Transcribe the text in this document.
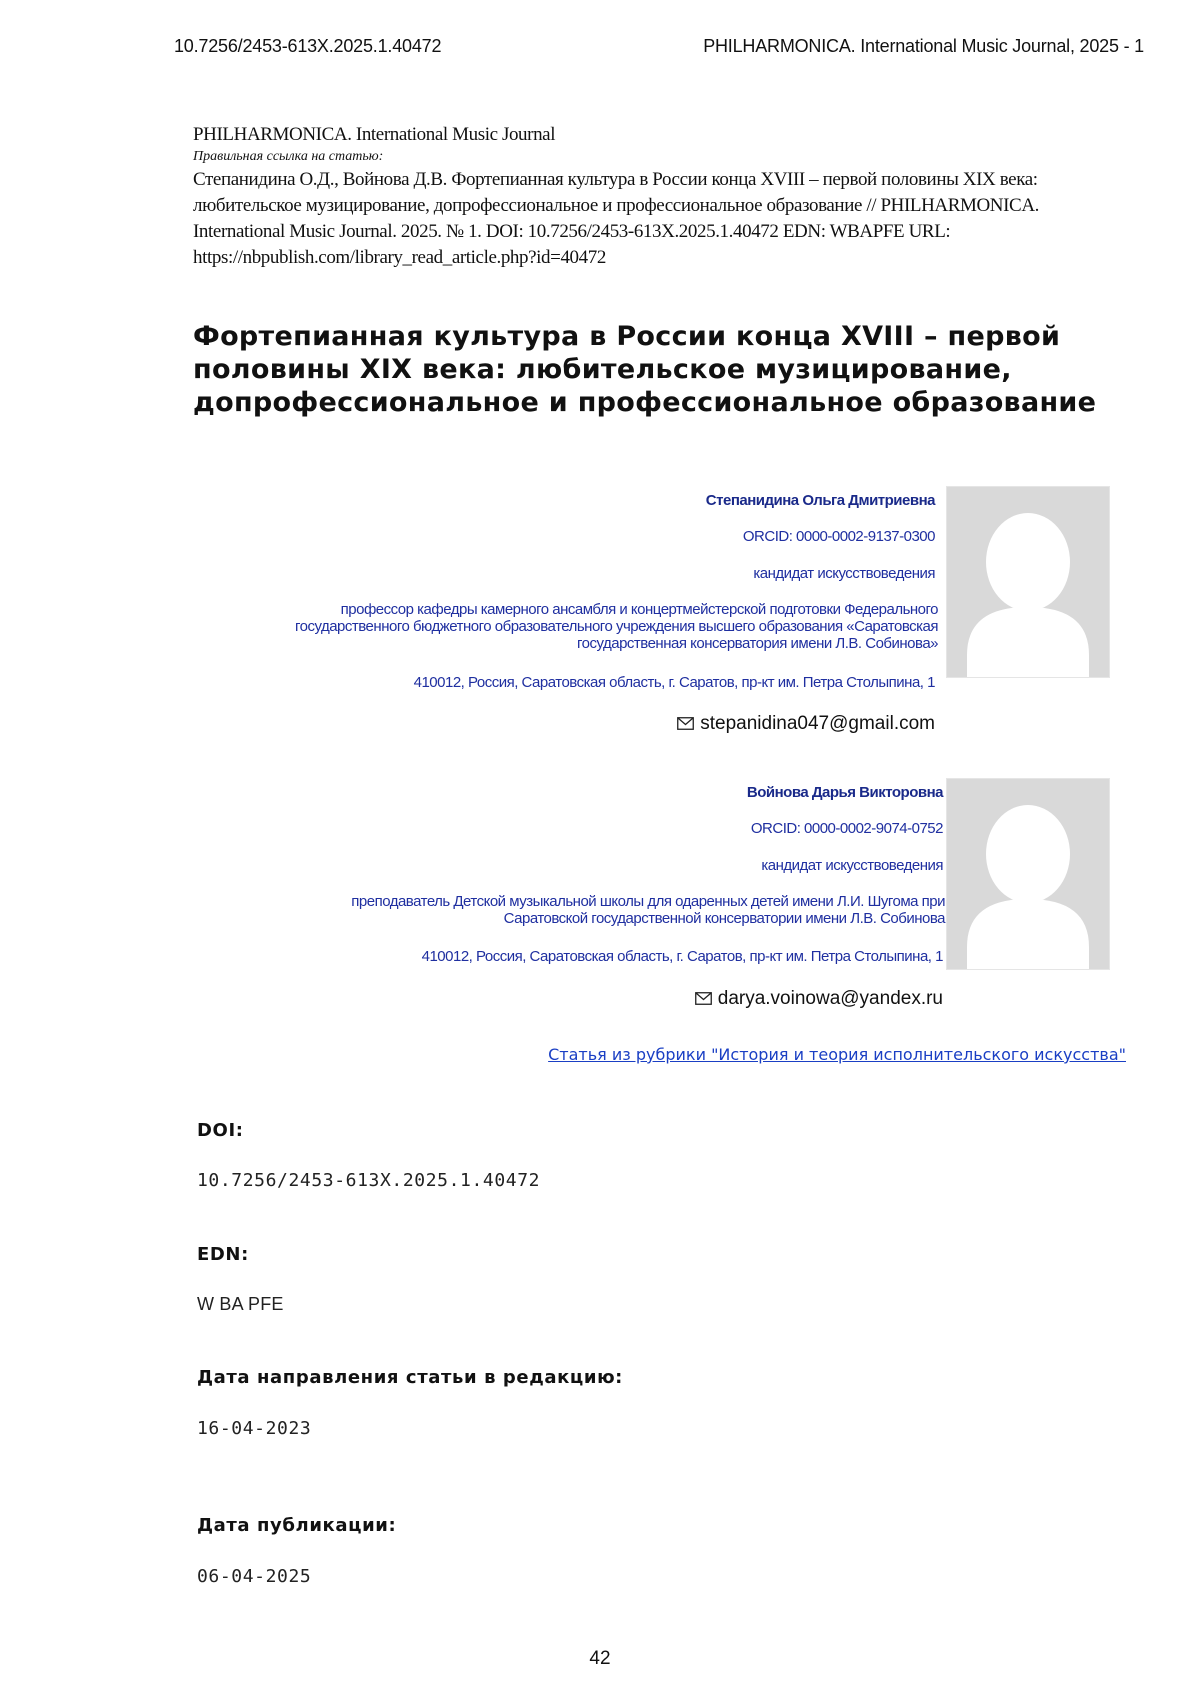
10.7256/2453-613X.2025.1.40472	PHILHARMONICA. International Music Journal, 2025 - 1
PHILHARMONICA. International Music Journal
Правильная ссылка на статью:
Степанидина О.Д., Войнова Д.В. Фортепианная культура в России конца XVIII – первой половины XIX века:
любительское музицирование, допрофессиональное и профессиональное образование // PHILHARMONICA.
International Music Journal. 2025. № 1. DOI: 10.7256/2453-613X.2025.1.40472 EDN: WBAPFE URL:
https://nbpublish.com/library_read_article.php?id=40472
Фортепианная культура в России конца XVIII – первой
половины XIX века: любительское музицирование,
допрофессиональное и профессиональное образование
Степанидина Ольга Дмитриевна
ORCID: 0000-0002-9137-0300
кандидат искусствоведения
профессор кафедры камерного ансамбля и концертмейстерской подготовки Федерального
государственного бюджетного образовательного учреждения высшего образования «Саратовская
государственная консерватория имени Л.В. Собинова»
410012, Россия, Саратовская область, г. Саратов, пр-кт им. Петра Столыпина, 1
stepanidina047@gmail.com
Войнова Дарья Викторовна
ORCID: 0000-0002-9074-0752
кандидат искусствоведения
преподаватель Детской музыкальной школы для одаренных детей имени Л.И. Шугома при
Саратовской государственной консерватории имени Л.В. Собинова
410012, Россия, Саратовская область, г. Саратов, пр-кт им. Петра Столыпина, 1
darya.voinowa@yandex.ru
Статья из рубрики "История и теория исполнительского искусства"
DOI:
10.7256/2453-613X.2025.1.40472
EDN:
W BA PFE
Дата направления статьи в редакцию:
16-04-2023
Дата публикации:
06-04-2025
42
